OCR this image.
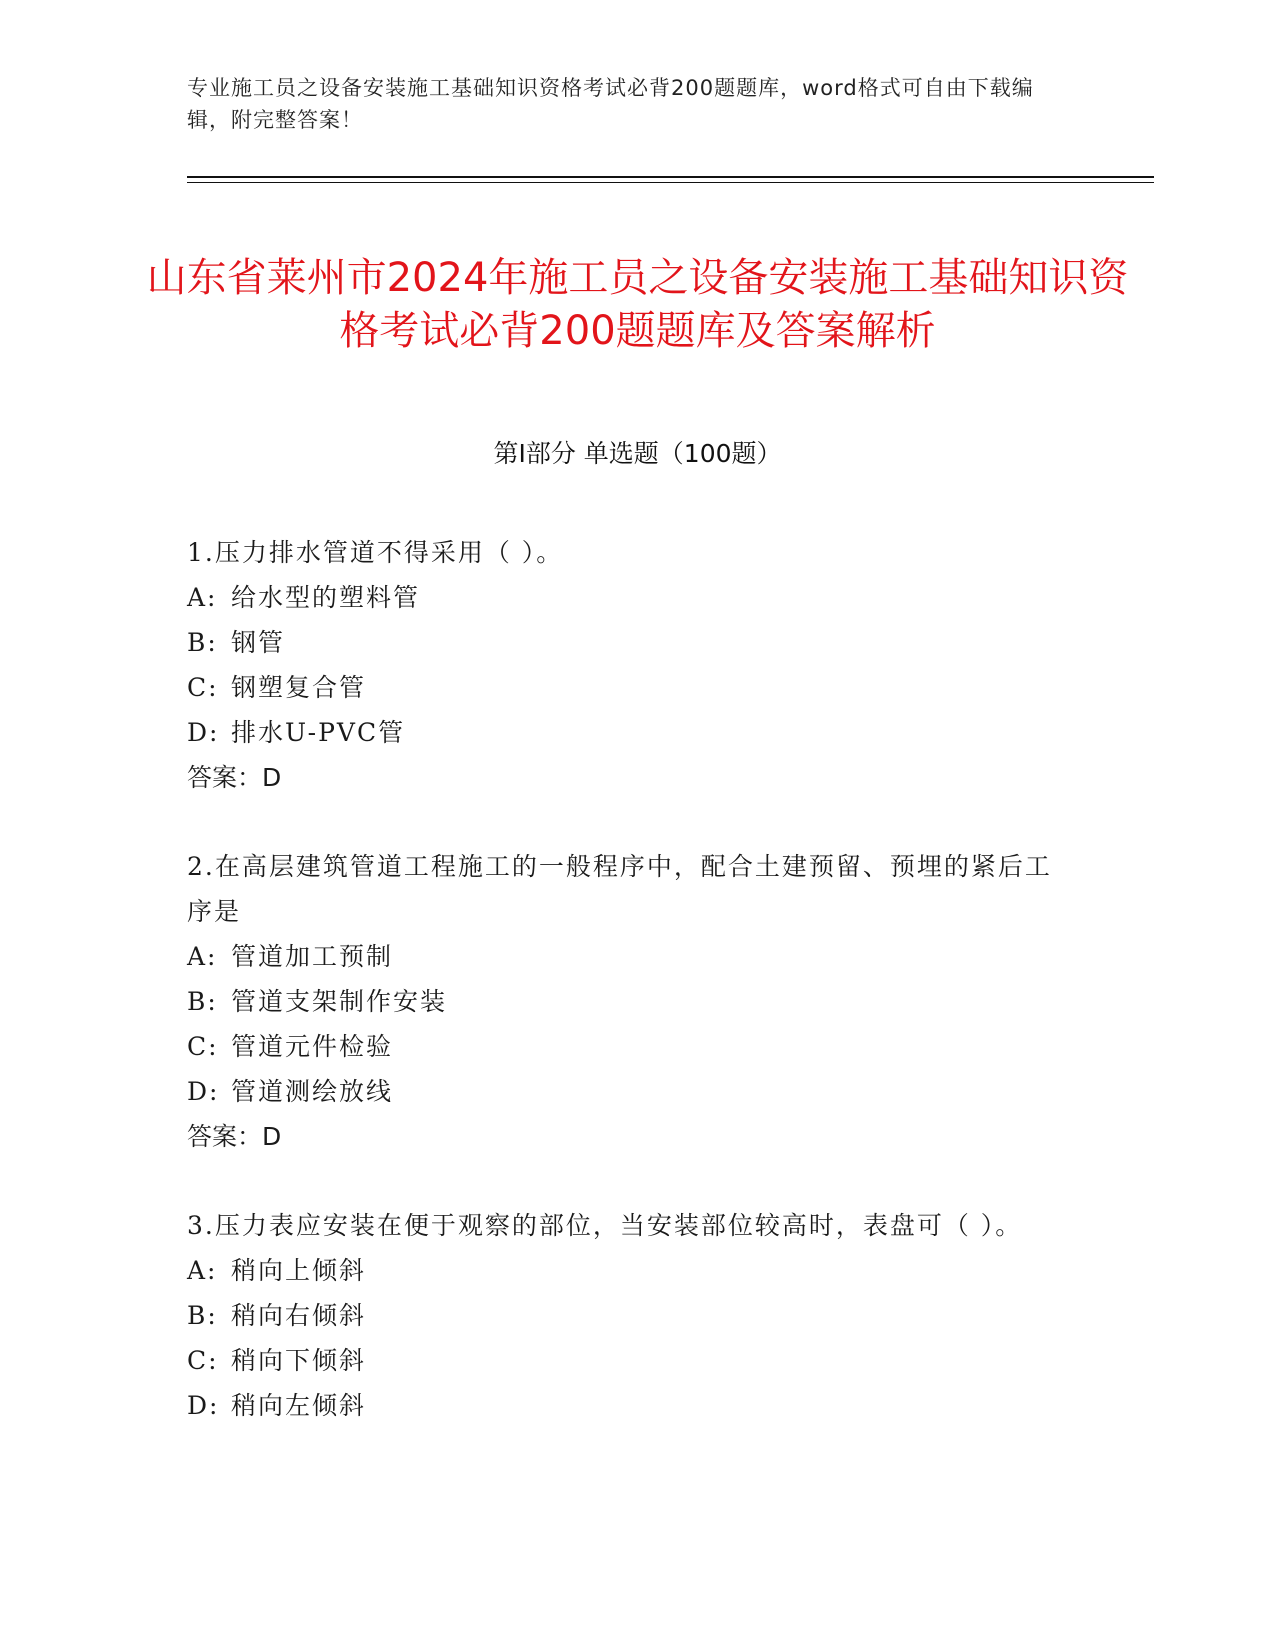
专业施工员之设备安装施工基础知识资格考试必背200题题库，word格式可自由下载编辑，附完整答案！
山东省莱州市2024年施工员之设备安装施工基础知识资格考试必背200题题库及答案解析
第Ⅰ部分 单选题（100题）

1.压力排水管道不得采用（ ）。

A: 给水型的塑料管

B: 钢管

C: 钢塑复合管

D: 排水U-PVC管

答案：D

2.在高层建筑管道工程施工的一般程序中，配合土建预留、预埋的紧后工序是

A: 管道加工预制

B: 管道支架制作安装

C: 管道元件检验

D: 管道测绘放线

答案：D

3.压力表应安装在便于观察的部位，当安装部位较高时，表盘可（ ）。

A: 稍向上倾斜

B: 稍向右倾斜

C: 稍向下倾斜

D: 稍向左倾斜
